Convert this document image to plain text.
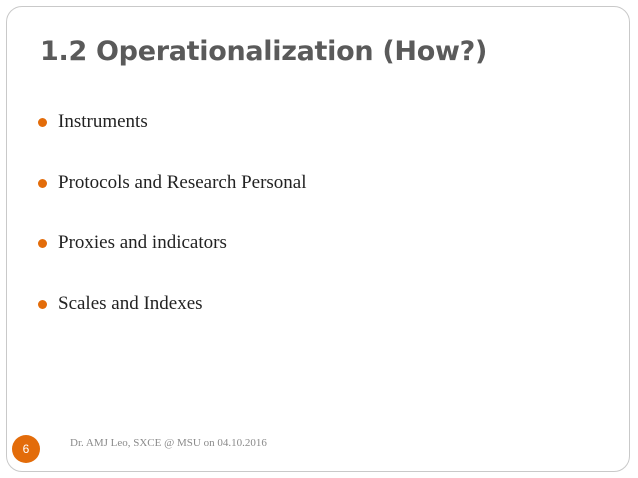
1.2 Operationalization (How?)
Instruments
Protocols and Research Personal
Proxies and indicators
Scales and Indexes
6	Dr. AMJ Leo, SXCE @ MSU on 04.10.2016
